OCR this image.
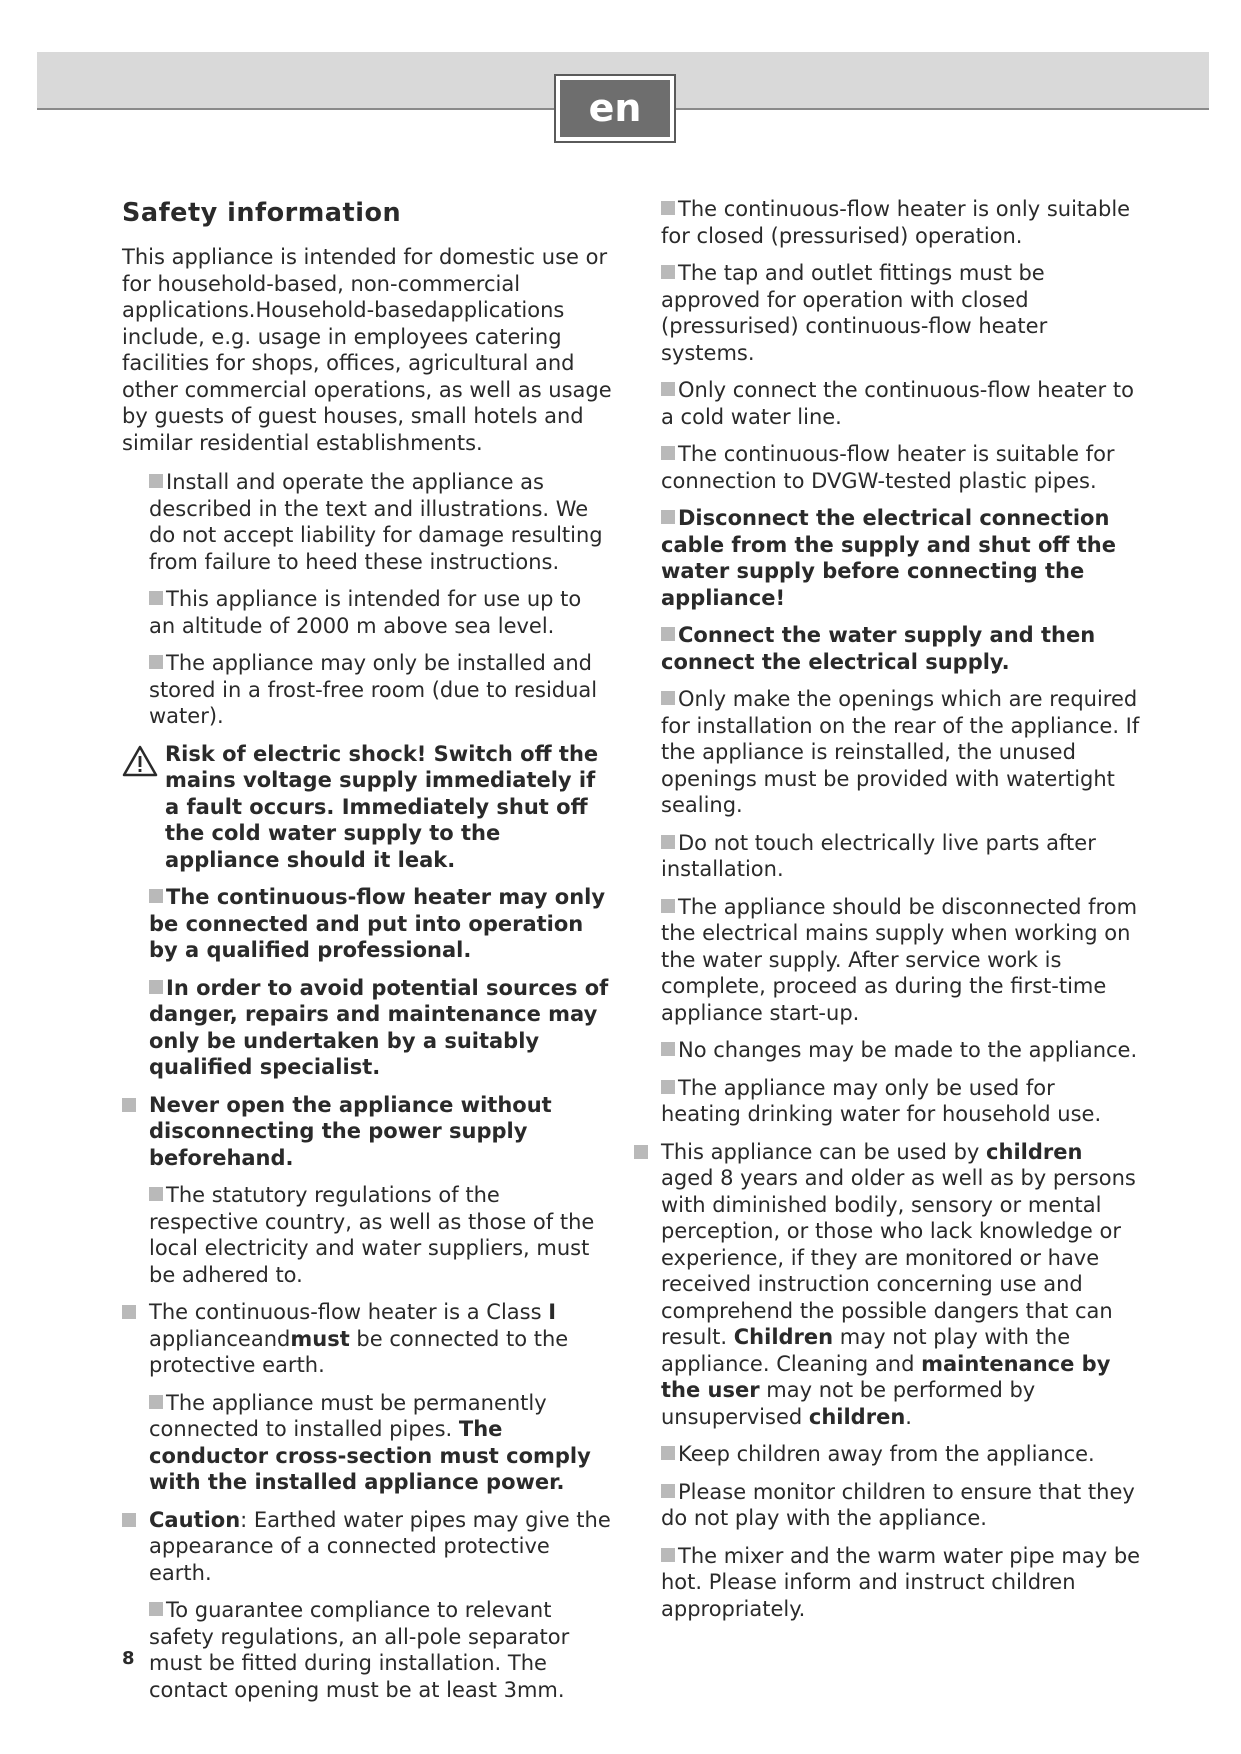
en
Safety information

This appliance is intended for domestic use or for household-based, non-commercial applications.Household-basedapplications include, e.g. usage in employees catering facilities for shops, offices, agricultural and other commercial operations, as well as usage by guests of guest houses, small hotels and similar residential establishments.

Install and operate the appliance as described in the text and illustrations. We do not accept liability for damage resulting from failure to heed these instructions.

This appliance is intended for use up to an altitude of 2000 m above sea level.

The appliance may only be installed and stored in a frost-free room (due to residual water).

Risk of electric shock! Switch off the mains voltage supply immediately if a fault occurs. Immediately shut off the cold water supply to the appliance should it leak.

The continuous-flow heater may only be connected and put into operation by a qualified professional.

In order to avoid potential sources of danger, repairs and maintenance may only be undertaken by a suitably qualified specialist.

Never open the appliance without disconnecting the power supply beforehand.

The statutory regulations of the respective country, as well as those of the local electricity and water suppliers, must be adhered to.

The continuous-flow heater is a Class I applianceandmust be connected to the protective earth.

The appliance must be permanently connected to installed pipes. The conductor cross-section must comply with the installed appliance power.

Caution: Earthed water pipes may give the appearance of a connected protective earth.

To guarantee compliance to relevant safety regulations, an all-pole separator must be fitted during installation. The contact opening must be at least 3mm.

The continuous-flow heater is only suitable for closed (pressurised) operation.

The tap and outlet fittings must be approved for operation with closed (pressurised) continuous-flow heater systems.

Only connect the continuous-flow heater to a cold water line.

The continuous-flow heater is suitable for connection to DVGW-tested plastic pipes.

Disconnect the electrical connection cable from the supply and shut off the water supply before connecting the appliance!

Connect the water supply and then connect the electrical supply.

Only make the openings which are required for installation on the rear of the appliance. If the appliance is reinstalled, the unused openings must be provided with watertight sealing.

Do not touch electrically live parts after installation.

The appliance should be disconnected from the electrical mains supply when working on the water supply. After service work is complete, proceed as during the first-time appliance start-up.

No changes may be made to the appliance.

The appliance may only be used for heating drinking water for household use.

This appliance can be used by children aged 8 years and older as well as by persons with diminished bodily, sensory or mental perception, or those who lack knowledge or experience, if they are monitored or have received instruction concerning use and comprehend the possible dangers that can result. Children may not play with the appliance. Cleaning and maintenance by the user may not be performed by unsupervised children.

Keep children away from the appliance.

Please monitor children to ensure that they do not play with the appliance.

The mixer and the warm water pipe may be hot. Please inform and instruct children appropriately.

8
